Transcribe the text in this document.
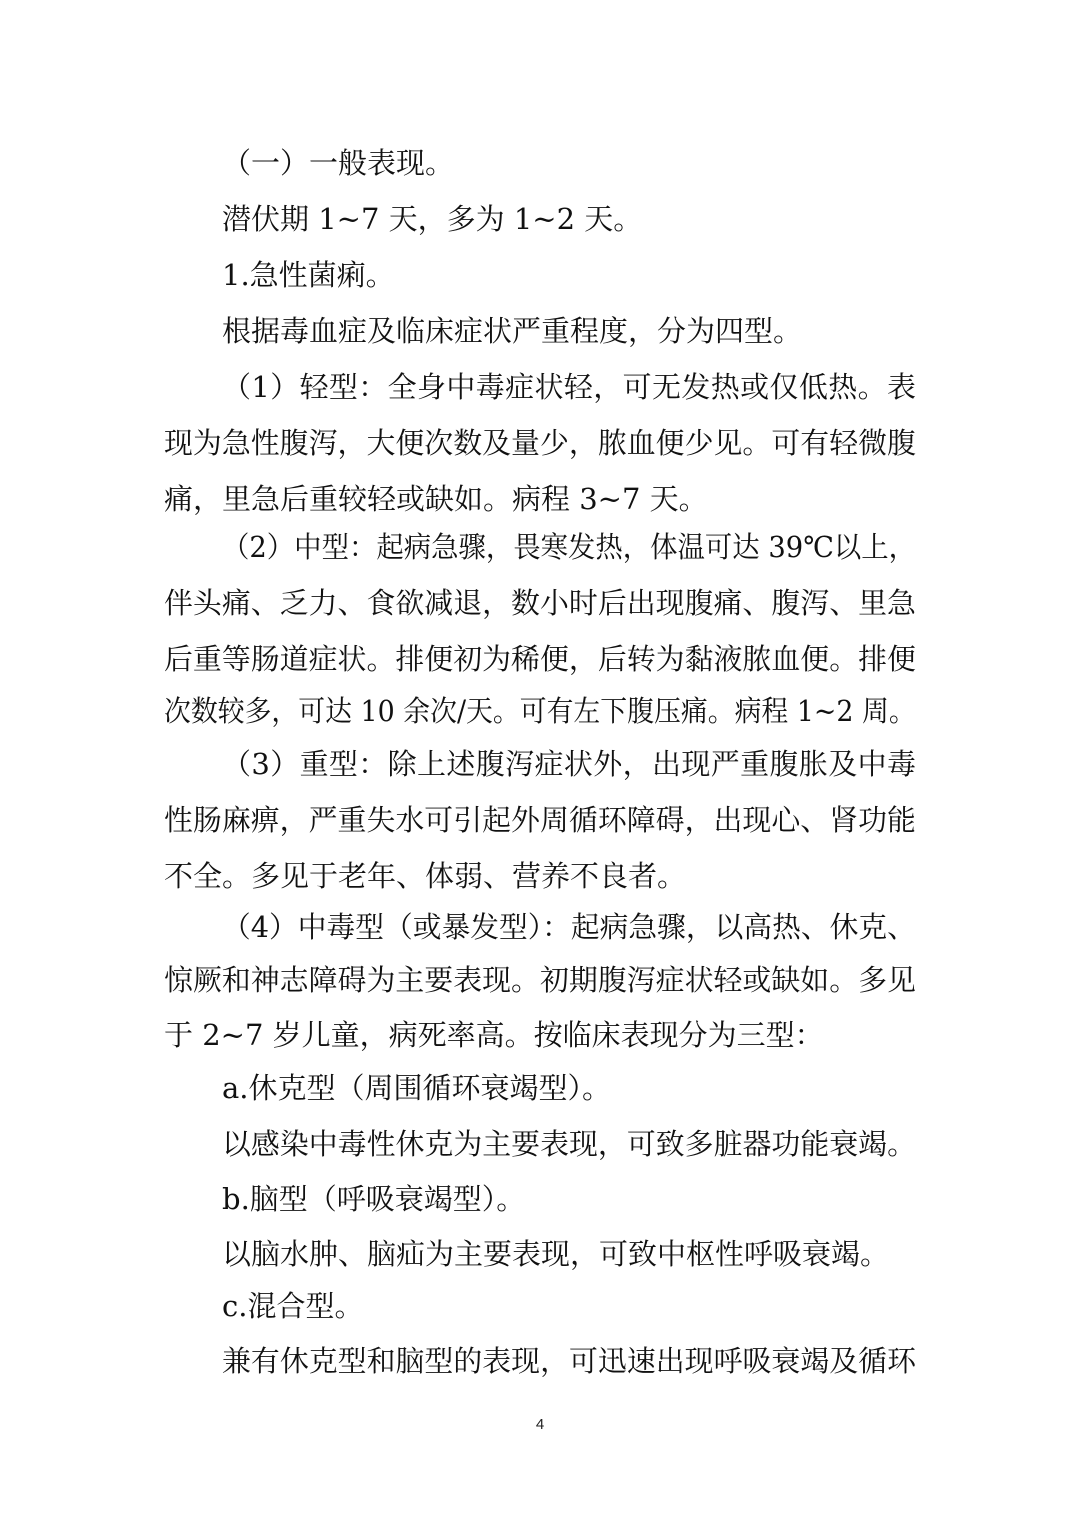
（一）一般表现。
潜伏期 1~7 天，多为 1~2 天。
1.急性菌痢。
根据毒血症及临床症状严重程度，分为四型。
（1）轻型：全身中毒症状轻，可无发热或仅低热。表
现为急性腹泻，大便次数及量少，脓血便少见。可有轻微腹
痛，里急后重较轻或缺如。病程 3~7 天。
（2）中型：起病急骤，畏寒发热，体温可达 39℃以上，
伴头痛、乏力、食欲减退，数小时后出现腹痛、腹泻、里急
后重等肠道症状。排便初为稀便，后转为黏液脓血便。排便
次数较多，可达 10 余次/天。可有左下腹压痛。病程 1~2 周。
（3）重型：除上述腹泻症状外，出现严重腹胀及中毒
性肠麻痹，严重失水可引起外周循环障碍，出现心、肾功能
不全。多见于老年、体弱、营养不良者。
（4）中毒型（或暴发型）：起病急骤，以高热、休克、
惊厥和神志障碍为主要表现。初期腹泻症状轻或缺如。多见
于 2~7 岁儿童，病死率高。按临床表现分为三型：
a.休克型（周围循环衰竭型）。
以感染中毒性休克为主要表现，可致多脏器功能衰竭。
b.脑型（呼吸衰竭型）。
以脑水肿、脑疝为主要表现，可致中枢性呼吸衰竭。
c.混合型。
兼有休克型和脑型的表现，可迅速出现呼吸衰竭及循环
4
